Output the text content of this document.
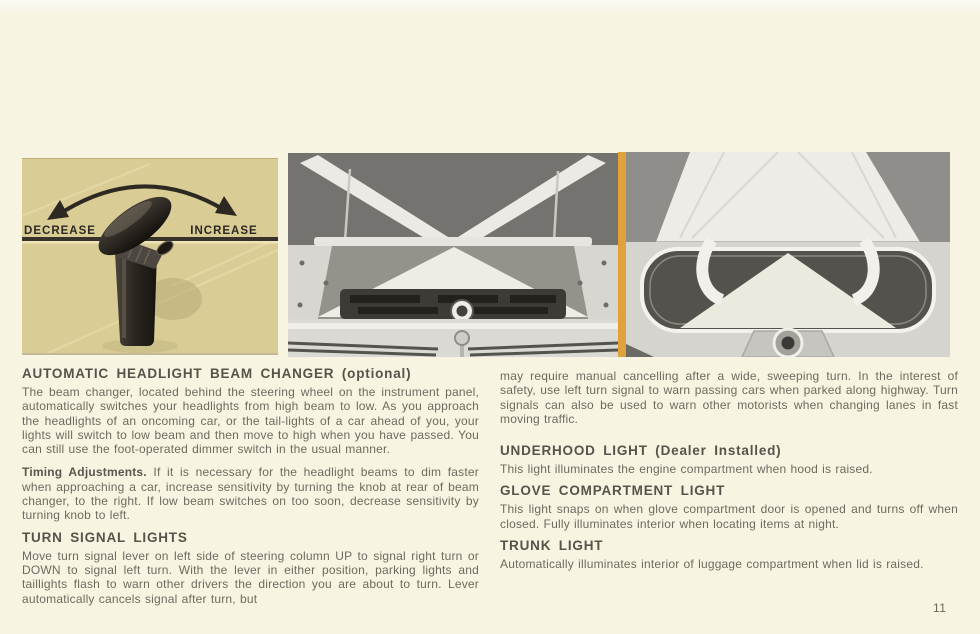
DECREASE	INCREASE
AUTOMATIC HEADLIGHT BEAM CHANGER (optional)

The beam changer, located behind the steering wheel on the instrument panel, automatically switches your headlights from high beam to low. As you approach the headlights of an oncoming car, or the tail-lights of a car ahead of you, your lights will switch to low beam and then move to high when you have passed. You can still use the foot-operated dimmer switch in the usual manner.

Timing Adjustments. If it is necessary for the headlight beams to dim faster when approaching a car, increase sensitivity by turning the knob at rear of beam changer, to the right. If low beam switches on too soon, decrease sensitivity by turning knob to left.

TURN SIGNAL LIGHTS

Move turn signal lever on left side of steering column UP to signal right turn or DOWN to signal left turn. With the lever in either position, parking lights and taillights flash to warn other drivers the direction you are about to turn. Lever automatically cancels signal after turn, but

may require manual cancelling after a wide, sweeping turn. In the interest of safety, use left turn signal to warn passing cars when parked along highway. Turn signals can also be used to warn other motorists when changing lanes in fast moving traffic.

UNDERHOOD LIGHT (Dealer Installed)

This light illuminates the engine compartment when hood is raised.

GLOVE COMPARTMENT LIGHT

This light snaps on when glove compartment door is opened and turns off when closed. Fully illuminates interior when locating items at night.

TRUNK LIGHT

Automatically illuminates interior of luggage compartment when lid is raised.

11
